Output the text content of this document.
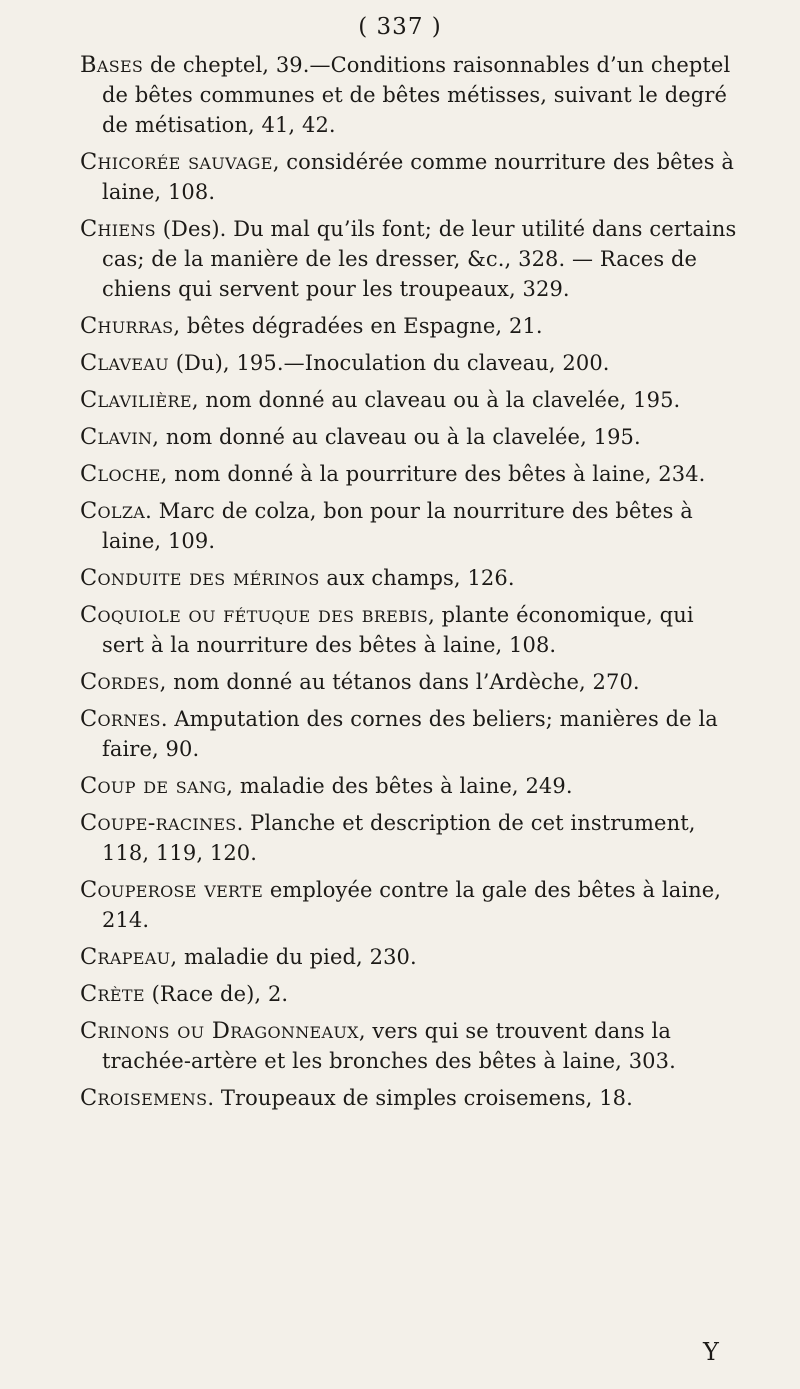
( 337 )

Bases de cheptel, 39.—Conditions raisonnables d’un cheptel de bêtes communes et de bêtes métisses, suivant le degré de métisation, 41, 42.

Chicorée sauvage, considérée comme nourriture des bêtes à laine, 108.

Chiens (Des). Du mal qu’ils font; de leur utilité dans certains cas; de la manière de les dresser, &c., 328. — Races de chiens qui servent pour les troupeaux, 329.

Churras, bêtes dégradées en Espagne, 21.

Claveau (Du), 195.—Inoculation du claveau, 200.

Clavilière, nom donné au claveau ou à la clavelée, 195.

Clavin, nom donné au claveau ou à la clavelée, 195.

Cloche, nom donné à la pourriture des bêtes à laine, 234.

Colza. Marc de colza, bon pour la nourriture des bêtes à laine, 109.

Conduite des mérinos aux champs, 126.

Coquiole ou fétuque des brebis, plante économique, qui sert à la nourriture des bêtes à laine, 108.

Cordes, nom donné au tétanos dans l’Ardèche, 270.

Cornes. Amputation des cornes des beliers; manières de la faire, 90.

Coup de sang, maladie des bêtes à laine, 249.

Coupe-racines. Planche et description de cet instrument, 118, 119, 120.

Couperose verte employée contre la gale des bêtes à laine, 214.

Crapeau, maladie du pied, 230.

Crète (Race de), 2.

Crinons ou Dragonneaux, vers qui se trouvent dans la trachée-artère et les bronches des bêtes à laine, 303.

Croisemens. Troupeaux de simples croisemens, 18.

Y
